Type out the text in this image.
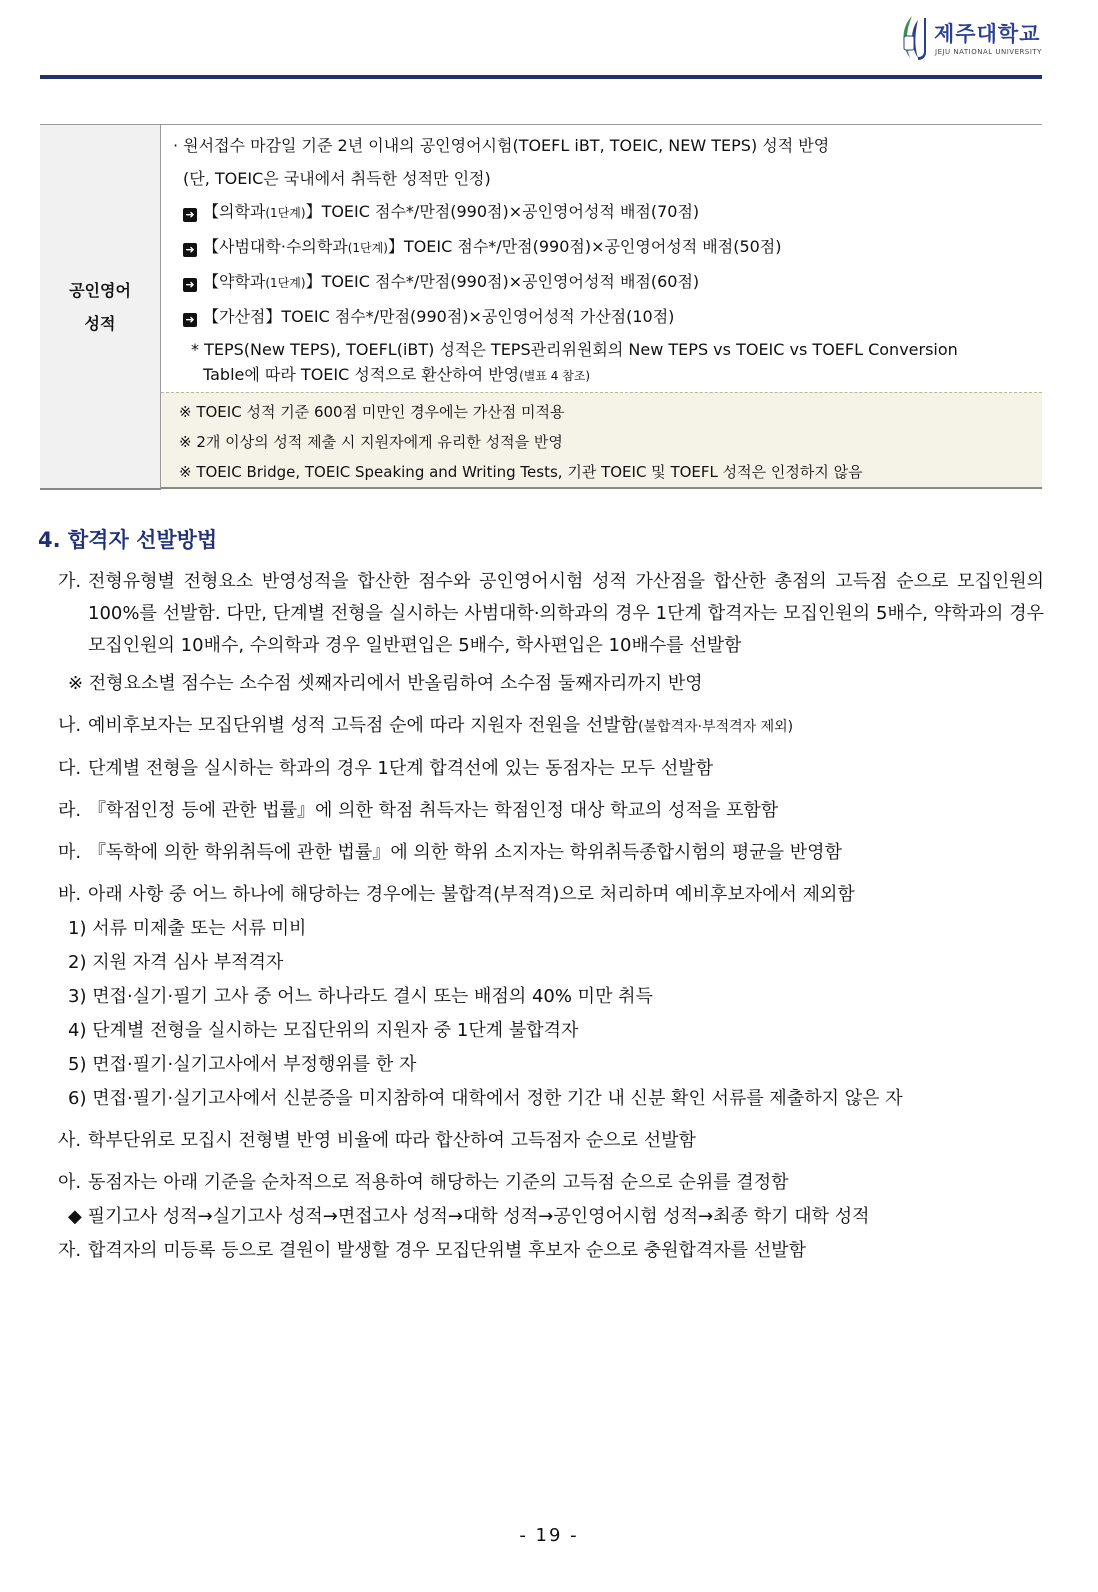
제주대학교
JEJU NATIONAL UNIVERSITY
공인영어
성적

· 원서접수 마감일 기준 2년 이내의 공인영어시험(TOEFL iBT, TOEIC, NEW TEPS) 성적 반영
(단, TOEIC은 국내에서 취득한 성적만 인정)
➜ 【의학과(1단계)】TOEIC 점수*/만점(990점)×공인영어성적 배점(70점)
➜ 【사범대학·수의학과(1단계)】TOEIC 점수*/만점(990점)×공인영어성적 배점(50점)
➜ 【약학과(1단계)】TOEIC 점수*/만점(990점)×공인영어성적 배점(60점)
➜ 【가산점】TOEIC 점수*/만점(990점)×공인영어성적 가산점(10점)
* TEPS(New TEPS), TOEFL(iBT) 성적은 TEPS관리위원회의 New TEPS vs TOEIC vs TOEFL Conversion
Table에 따라 TOEIC 성적으로 환산하여 반영(별표 4 참조)
※ TOEIC 성적 기준 600점 미만인 경우에는 가산점 미적용
※ 2개 이상의 성적 제출 시 지원자에게 유리한 성적을 반영
※ TOEIC Bridge, TOEIC Speaking and Writing Tests, 기관 TOEIC 및 TOEFL 성적은 인정하지 않음
4. 합격자 선발방법
가. 전형유형별 전형요소 반영성적을 합산한 점수와 공인영어시험 성적 가산점을 합산한 총점의 고득점 순으로 모집인원의 100%를 선발함. 다만, 단계별 전형을 실시하는 사범대학·의학과의 경우 1단계 합격자는 모집인원의 5배수, 약학과의 경우 모집인원의 10배수, 수의학과 경우 일반편입은 5배수, 학사편입은 10배수를 선발함
※ 전형요소별 점수는 소수점 셋째자리에서 반올림하여 소수점 둘째자리까지 반영
나. 예비후보자는 모집단위별 성적 고득점 순에 따라 지원자 전원을 선발함(불합격자·부적격자 제외)
다. 단계별 전형을 실시하는 학과의 경우 1단계 합격선에 있는 동점자는 모두 선발함
라. 『학점인정 등에 관한 법률』에 의한 학점 취득자는 학점인정 대상 학교의 성적을 포함함
마. 『독학에 의한 학위취득에 관한 법률』에 의한 학위 소지자는 학위취득종합시험의 평균을 반영함
바. 아래 사항 중 어느 하나에 해당하는 경우에는 불합격(부적격)으로 처리하며 예비후보자에서 제외함
1) 서류 미제출 또는 서류 미비
2) 지원 자격 심사 부적격자
3) 면접·실기·필기 고사 중 어느 하나라도 결시 또는 배점의 40% 미만 취득
4) 단계별 전형을 실시하는 모집단위의 지원자 중 1단계 불합격자
5) 면접·필기·실기고사에서 부정행위를 한 자
6) 면접·필기·실기고사에서 신분증을 미지참하여 대학에서 정한 기간 내 신분 확인 서류를 제출하지 않은 자
사. 학부단위로 모집시 전형별 반영 비율에 따라 합산하여 고득점자 순으로 선발함
아. 동점자는 아래 기준을 순차적으로 적용하여 해당하는 기준의 고득점 순으로 순위를 결정함
◆ 필기고사 성적→실기고사 성적→면접고사 성적→대학 성적→공인영어시험 성적→최종 학기 대학 성적
자. 합격자의 미등록 등으로 결원이 발생할 경우 모집단위별 후보자 순으로 충원합격자를 선발함
- 19 -
